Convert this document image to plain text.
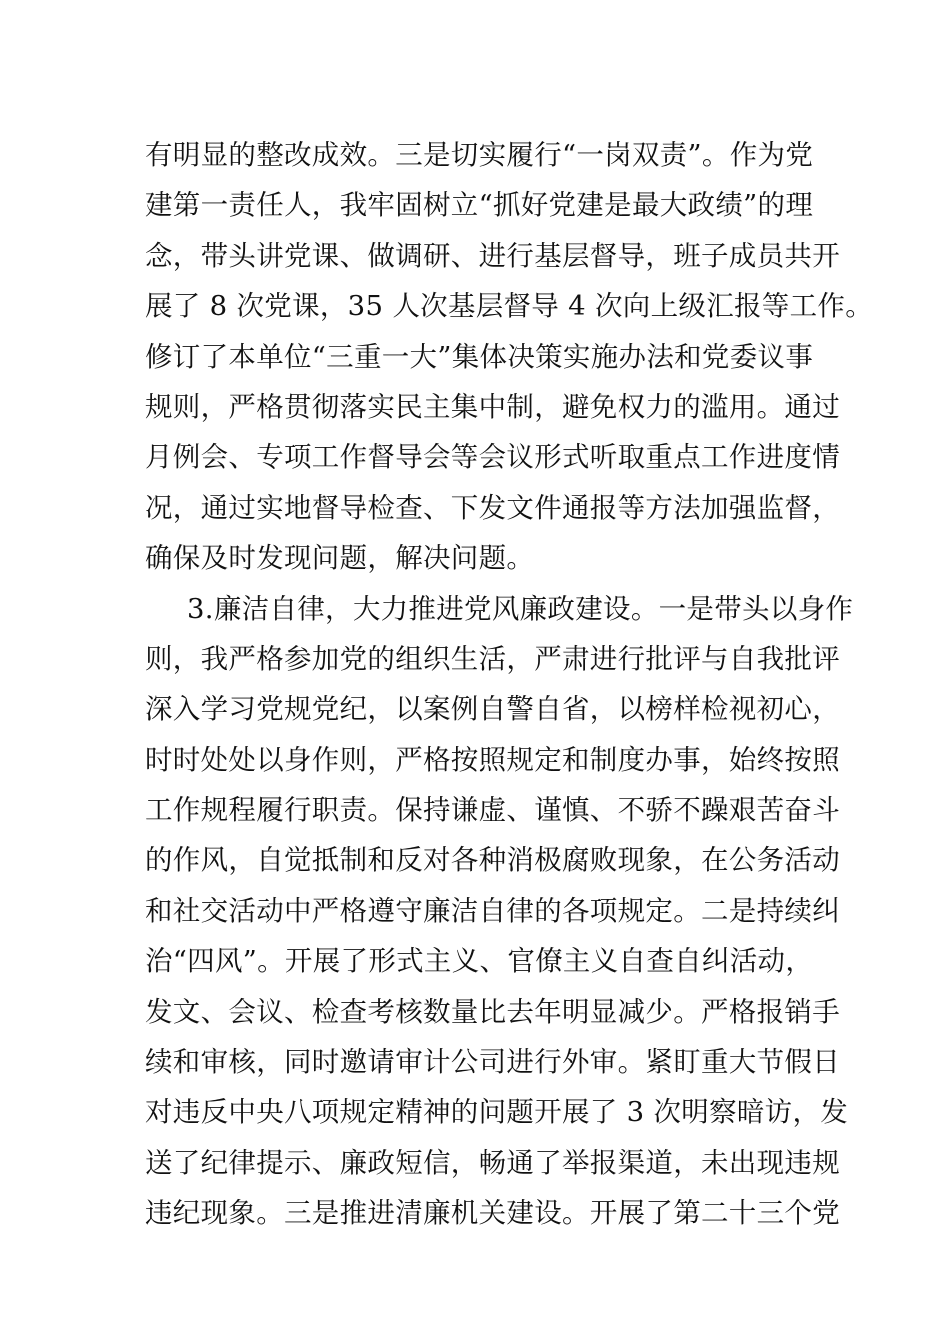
有明显的整改成效。三是切实履行“一岗双责”。作为党
建第一责任人，我牢固树立“抓好党建是最大政绩”的理
念，带头讲党课、做调研、进行基层督导，班子成员共开
展了 8 次党课，35 人次基层督导 4 次向上级汇报等工作。
修订了本单位“三重一大”集体决策实施办法和党委议事
规则，严格贯彻落实民主集中制，避免权力的滥用。通过
月例会、专项工作督导会等会议形式听取重点工作进度情
况，通过实地督导检查、下发文件通报等方法加强监督，
确保及时发现问题，解决问题。
3.廉洁自律，大力推进党风廉政建设。一是带头以身作
则，我严格参加党的组织生活，严肃进行批评与自我批评
深入学习党规党纪，以案例自警自省，以榜样检视初心，
时时处处以身作则，严格按照规定和制度办事，始终按照
工作规程履行职责。保持谦虚、谨慎、不骄不躁艰苦奋斗
的作风，自觉抵制和反对各种消极腐败现象，在公务活动
和社交活动中严格遵守廉洁自律的各项规定。二是持续纠
治“四风”。开展了形式主义、官僚主义自查自纠活动，
发文、会议、检查考核数量比去年明显减少。严格报销手
续和审核，同时邀请审计公司进行外审。紧盯重大节假日
对违反中央八项规定精神的问题开展了 3 次明察暗访，发
送了纪律提示、廉政短信，畅通了举报渠道，未出现违规
违纪现象。三是推进清廉机关建设。开展了第二十三个党
